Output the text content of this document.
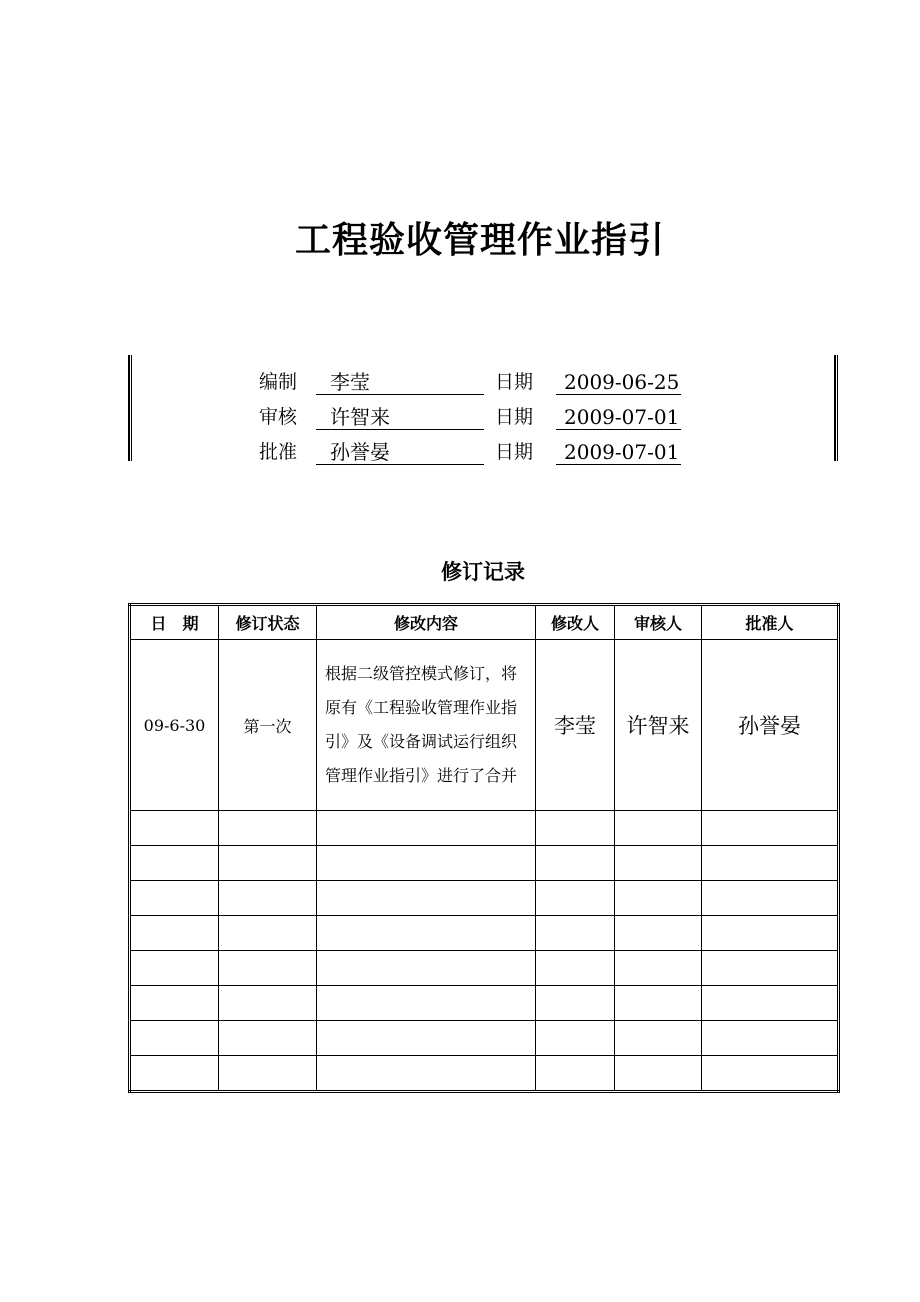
工程验收管理作业指引
编制	李莹	日期	2009-06-25
审核	许智来	日期	2009-07-01
批准	孙誉晏	日期	2009-07-01
修订记录
日　期	修订状态	修改内容	修改人	审核人	批准人
09-6-30	第一次	根据二级管控模式修订，将原有《工程验收管理作业指引》及《设备调试运行组织管理作业指引》进行了合并	李莹	许智来	孙誉晏
